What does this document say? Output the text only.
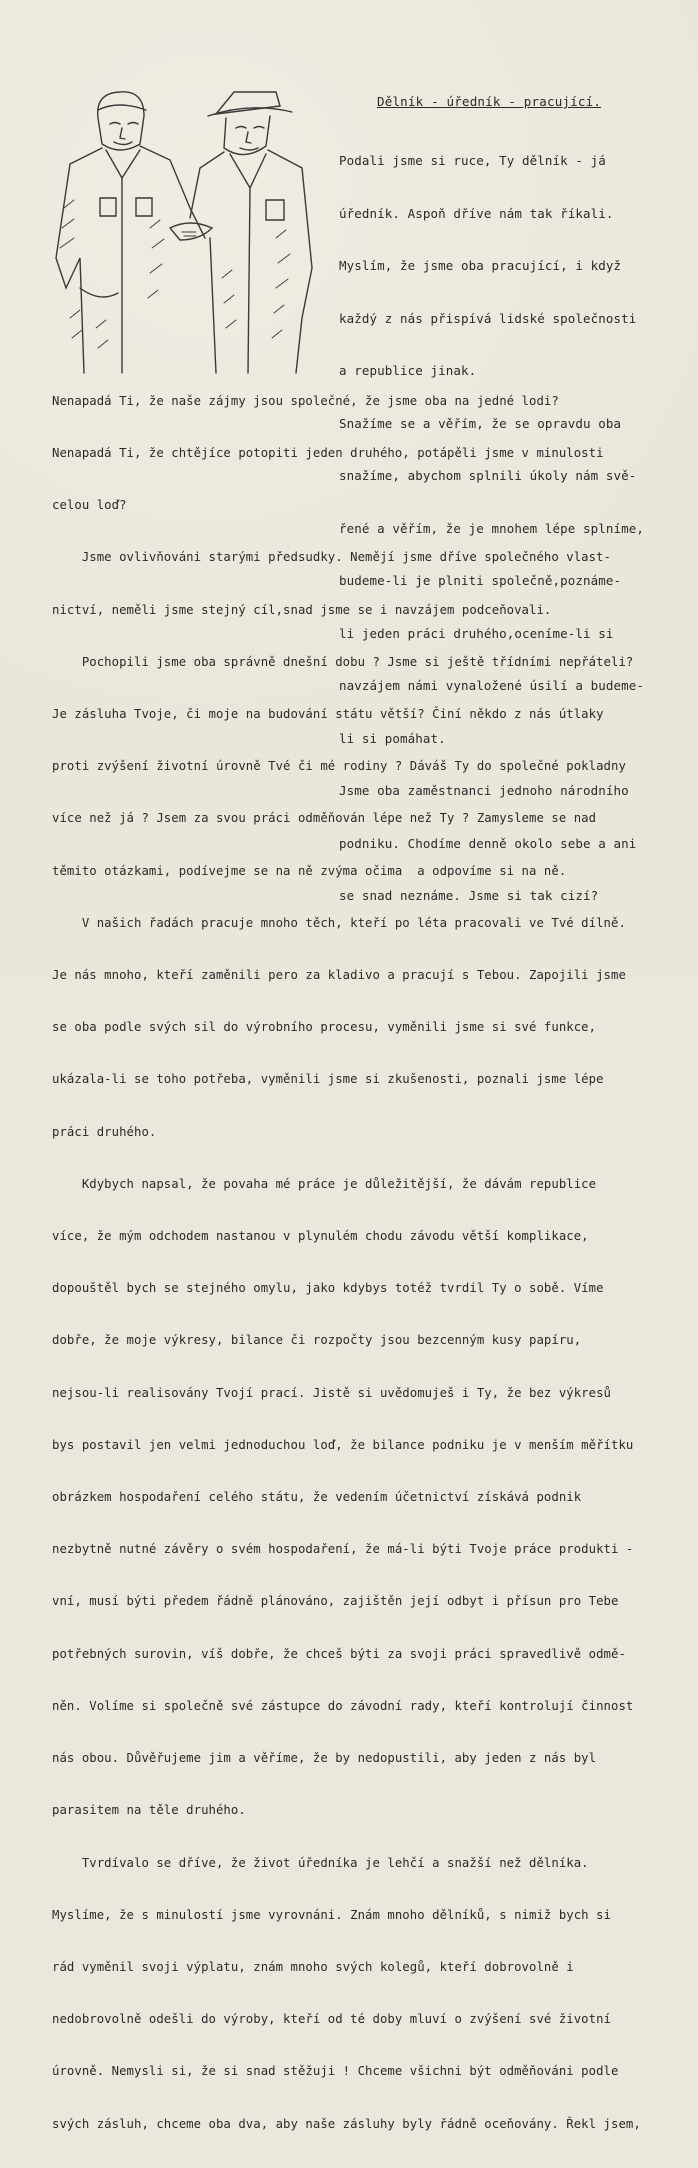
Dělník - úředník - pracující.

Podali jsme si ruce, Ty dělník - já

úředník. Aspoň dříve nám tak říkali.

Myslím, že jsme oba pracující, i když

každý z nás přispívá lidské společnosti

a republice jinak.

Snažíme se a věřím, že se opravdu oba

snažíme, abychom splnili úkoly nám svě-

řené a věřím, že je mnohem lépe splníme,

budeme-li je plniti společně,poznáme-

li jeden práci druhého,oceníme-li si

navzájem námi vynaložené úsilí a budeme-

li si pomáhat.

Jsme oba zaměstnanci jednoho národního

podniku. Chodíme denně okolo sebe a ani

se snad neznáme. Jsme si tak cizí?

Nenapadá Ti, že naše zájmy jsou společné, že jsme oba na jedné lodi?

Nenapadá Ti, že chtějíce potopiti jeden druhého, potápěli jsme v minulosti

celou loď?

Jsme ovlivňováni starými předsudky. Nemějí jsme dříve společného vlast-

nictví, neměli jsme stejný cíl,snad jsme se i navzájem podceňovali.

Pochopili jsme oba správně dnešní dobu ? Jsme si ještě třídními nepřáteli?

Je zásluha Tvoje, či moje na budování státu větší? Činí někdo z nás útlaky

proti zvýšení životní úrovně Tvé či mé rodiny ? Dáváš Ty do společné pokladny

více než já ? Jsem za svou práci odměňován lépe než Ty ? Zamysleme se nad

těmito otázkami, podívejme se na ně zvýma očima  a odpovíme si na ně.

V našich řadách pracuje mnoho těch, kteří po léta pracovali ve Tvé dílně.

Je nás mnoho, kteří zaměnili pero za kladivo a pracují s Tebou. Zapojili jsme

se oba podle svých sil do výrobního procesu, vyměnili jsme si své funkce,

ukázala-li se toho potřeba, vyměnili jsme si zkušenosti, poznali jsme lépe

práci druhého.

Kdybych napsal, že povaha mé práce je důležitější, že dávám republice

více, že mým odchodem nastanou v plynulém chodu závodu větší komplikace,

dopouštěl bych se stejného omylu, jako kdybys totéž tvrdil Ty o sobě. Víme

dobře, že moje výkresy, bilance či rozpočty jsou bezcenným kusy papíru,

nejsou-li realisovány Tvojí prací. Jistě si uvědomuješ i Ty, že bez výkresů

bys postavil jen velmi jednoduchou loď, že bilance podniku je v menším měřítku

obrázkem hospodaření celého státu, že vedením účetnictví získává podnik

nezbytně nutné závěry o svém hospodaření, že má-li býti Tvoje práce produkti -

vní, musí býti předem řádně plánováno, zajištěn její odbyt i přísun pro Tebe

potřebných surovin, víš dobře, že chceš býti za svoji práci spravedlivě odmě-

něn. Volíme si společně své zástupce do závodní rady, kteří kontrolují činnost

nás obou. Důvěřujeme jim a věříme, že by nedopustili, aby jeden z nás byl

parasitem na těle druhého.

Tvrdívalo se dříve, že život úředníka je lehčí a snažší než dělníka.

Myslíme, že s minulostí jsme vyrovnáni. Znám mnoho dělníků, s nimiž bych si

rád vyměnil svoji výplatu, znám mnoho svých kolegů, kteří dobrovolně i

nedobrovolně odešli do výroby, kteří od té doby mluví o zvýšení své životní

úrovně. Nemysli si, že si snad stěžuji ! Chceme všichni být odměňováni podle

svých zásluh, chceme oba dva, aby naše zásluhy byly řádně oceňovány. Řekl jsem,
